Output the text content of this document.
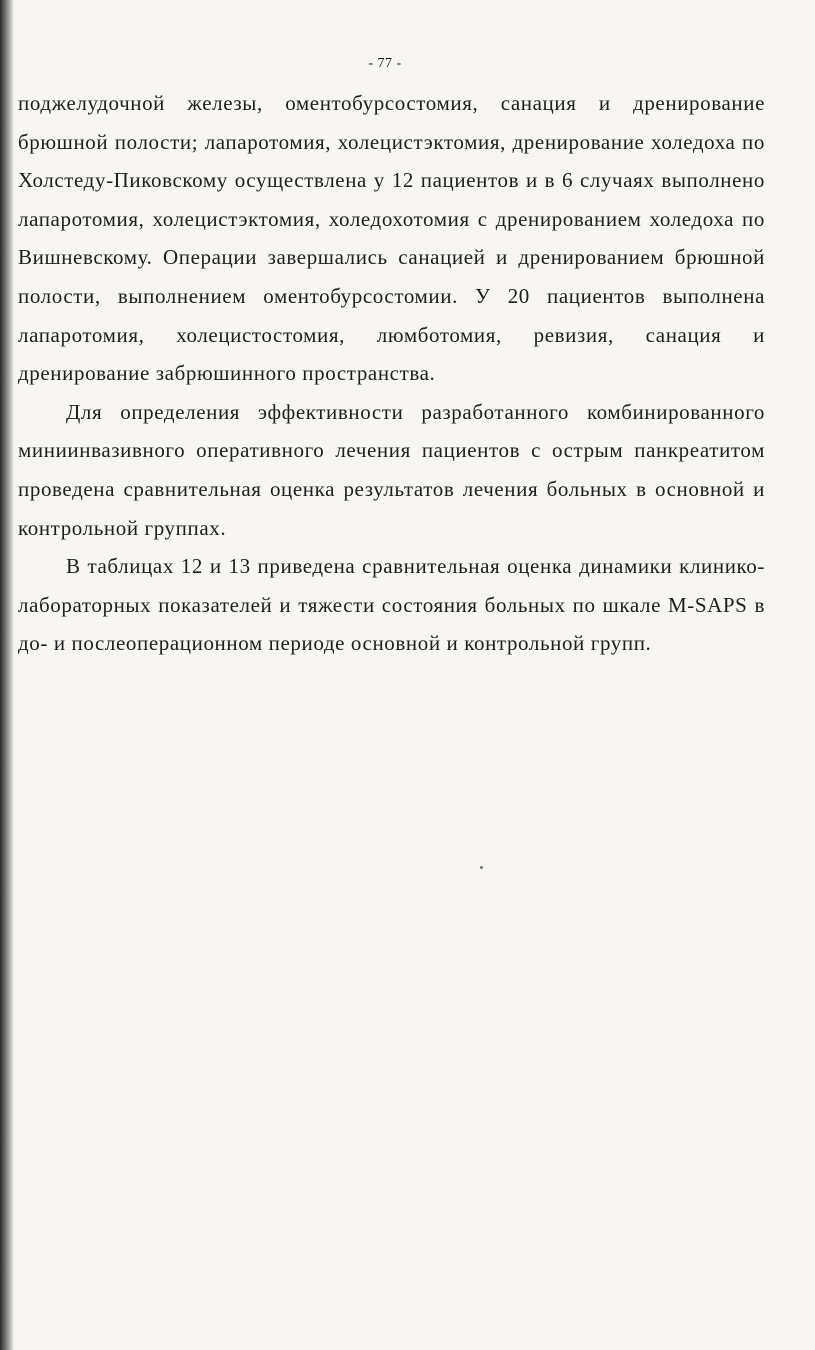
- 77 -

поджелудочной железы, оментобурсостомия, санация и дренирование брюшной полости; лапаротомия, холецистэктомия, дренирование холедоха по Холстеду-Пиковскому осуществлена у 12 пациентов и в 6 случаях выполнено лапаротомия, холецистэктомия, холедохотомия с дренированием холедоха по Вишневскому. Операции завершались санацией и дренированием брюшной полости, выполнением оментобурсостомии. У 20 пациентов выполнена лапаротомия, холецистостомия, люмботомия, ревизия, санация и дренирование забрюшинного пространства.

Для определения эффективности разработанного комбинированного миниинвазивного оперативного лечения пациентов с острым панкреатитом проведена сравнительная оценка результатов лечения больных в основной и контрольной группах.

В таблицах 12 и 13 приведена сравнительная оценка динамики клинико-лабораторных показателей и тяжести состояния больных по шкале M-SAPS в до- и послеоперационном периоде основной и контрольной групп.
